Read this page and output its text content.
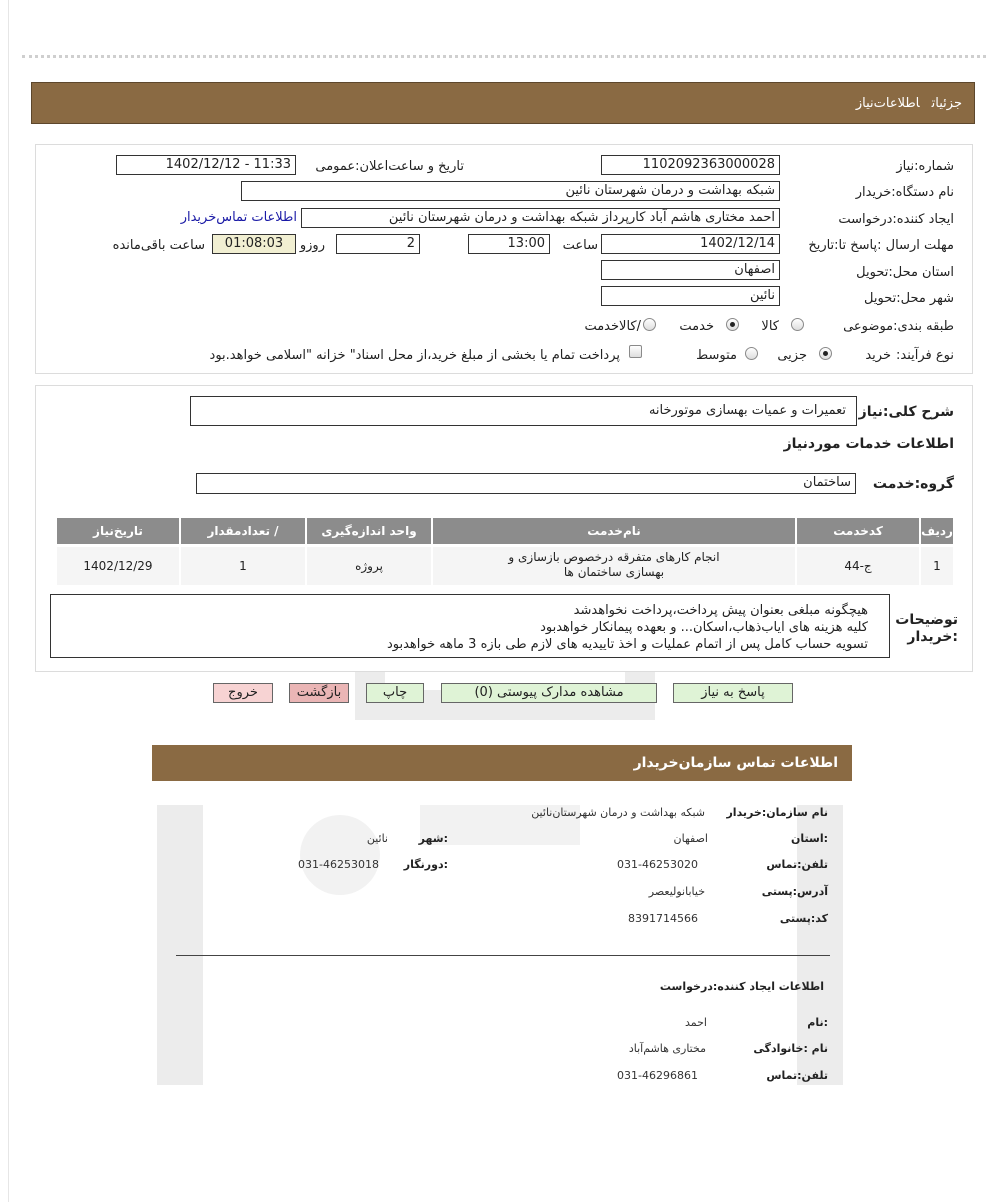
جزئیاتاطلاعات‌نیاز
شماره:نیاز
1102092363000028
تاریخ و ساعت‌اعلان:عمومی
1402/12/12 - 11:33
نام دستگاه:خریدار
شبکه بهداشت و درمان شهرستان نائین
ایجاد کننده:درخواست
احمد مختاری هاشم آباد کارپرداز شبکه بهداشت و درمان شهرستان نائین
اطلاعات تماس‌خریدار
مهلت ارسال :پاسخ تا:تاریخ
1402/12/14
ساعت
13:00
2
روزو
01:08:03
ساعت باقی‌مانده
استان محل:تحویل
اصفهان
شهر محل:تحویل
نائین
طبقه بندی:موضوعی
کالا
خدمت
/کالاخدمت
نوع فرآیند:
خرید
جزیی
متوسط
پرداخت تمام یا بخشی از مبلغ خرید،از محل اسناد" خزانه "اسلامی خواهد.بود
شرح کلی:نیاز
تعمیرات و عمیات بهسازی موتورخانه
اطلاعات خدمات موردنیاز
گروه:خدمت
ساختمان
ردیف
کدخدمت
نام‌خدمت
واحد اندازه‌گیری
/ تعدادمقدار
تاریخ‌نیاز
1
ج-44
انجام کارهای متفرقه درخصوص بازسازی و بهسازی ساختمان ها
پروژه
1
1402/12/29
توضیحات :خریدار
هیچگونه مبلغی بعنوان پیش پرداخت،پرداخت نخواهدشد
کلیه هزینه های ایاب‌ذهاب،اسکان... و بعهده پیمانکار خواهدبود
تسویه حساب کامل پس از اتمام عملیات و اخذ تاییدیه های لازم طی بازه 3 ماهه خواهدبود
پاسخ به نیاز
مشاهده مدارک پیوستی (0)
چاپ
بازگشت
خروج
اطلاعات تماس سازمان‌خریدار
نام سازمان:خریدار
شبکه بهداشت و درمان شهرستان‌نائین
:استان
اصفهان
:شهر
نائین
تلفن:تماس
031-46253020
:دورنگار
031-46253018
آدرس:پستی
خیابانولیعصر
کد:پستی
8391714566
اطلاعات ایجاد کننده:درخواست
:نام
احمد
نام :خانوادگی
مختاری هاشم‌آباد
تلفن:تماس
031-46296861
